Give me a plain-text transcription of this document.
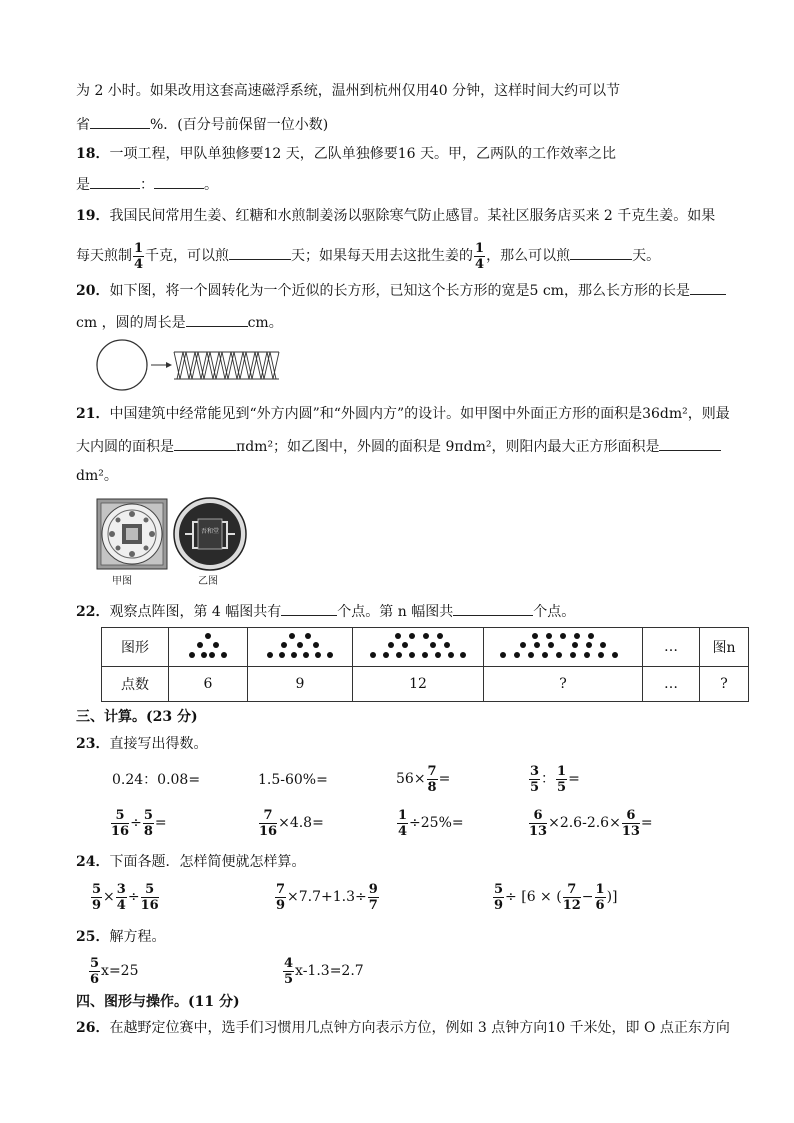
为 2 小时。如果改用这套高速磁浮系统，温州到杭州仅用40 分钟，这样时间大约可以节
省	%．(百分号前保留一位小数)
18．一项工程，甲队单独修要12 天，乙队单独修要16 天。甲，乙两队的工作效率之比
是	：	。
19．我国民间常用生姜、红糖和水煎制姜汤以驱除寒气防止感冒。某社区服务店买来 2 千克生姜。如果
每天煎制 $\frac{1}{4}$ 千克，可以煎	天；如果每天用去这批生姜的 $\frac{1}{4}$ ，那么可以煎	天。
20．如下图，将一个圆转化为一个近似的长方形，已知这个长方形的宽是5 cm，那么长方形的长是
cm ，圆的周长是	cm。
21．中国建筑中经常能见到“外方内圆”和“外圆内方”的设计。如甲图中外面正方形的面积是36dm²，则最
大内圆的面积是	πdm²；如乙图中，外圆的面积是 9πdm²，则阳内最大正方形面积是
dm²。
吾和堂
甲图	乙图
22．观察点阵图，第 4 幅图共有	个点。第 n 幅图共	个点。
图形					…	图n
点数	6	9	12	?	…	?
三、计算。(23 分)
23．直接写出得数。
0.24：0.08=	1.5-60%=	$56\times \frac{7}{8}$ =	$\frac{3}{5}$ ： $\frac{1}{5}$ =
$\frac{5}{16} \div \frac{5}{8}$ =	$\frac{7}{16} \times 4.8=$	$\frac{1}{4} \div 25\%=$	$\frac{6}{13} \times 2.6-2.6\times \frac{6}{13}$ =
24．下面各题．怎样简便就怎样算。
$\frac{5}{9} \times \frac{3}{4} \div \frac{5}{16}$	$\frac{7}{9} \times 7.7+1.3\div \frac{9}{7}$	$\frac{5}{9} \div [6$ × ( $\frac{7}{12} - \frac{1}{6}$ )]
25．解方程。
$\frac{5}{6} x=25$	$\frac{4}{5} x-1.3=2.7$
四、图形与操作。(11 分)
26．在越野定位赛中，选手们习惯用几点钟方向表示方位，例如 3 点钟方向10 千米处，即 O 点正东方向
